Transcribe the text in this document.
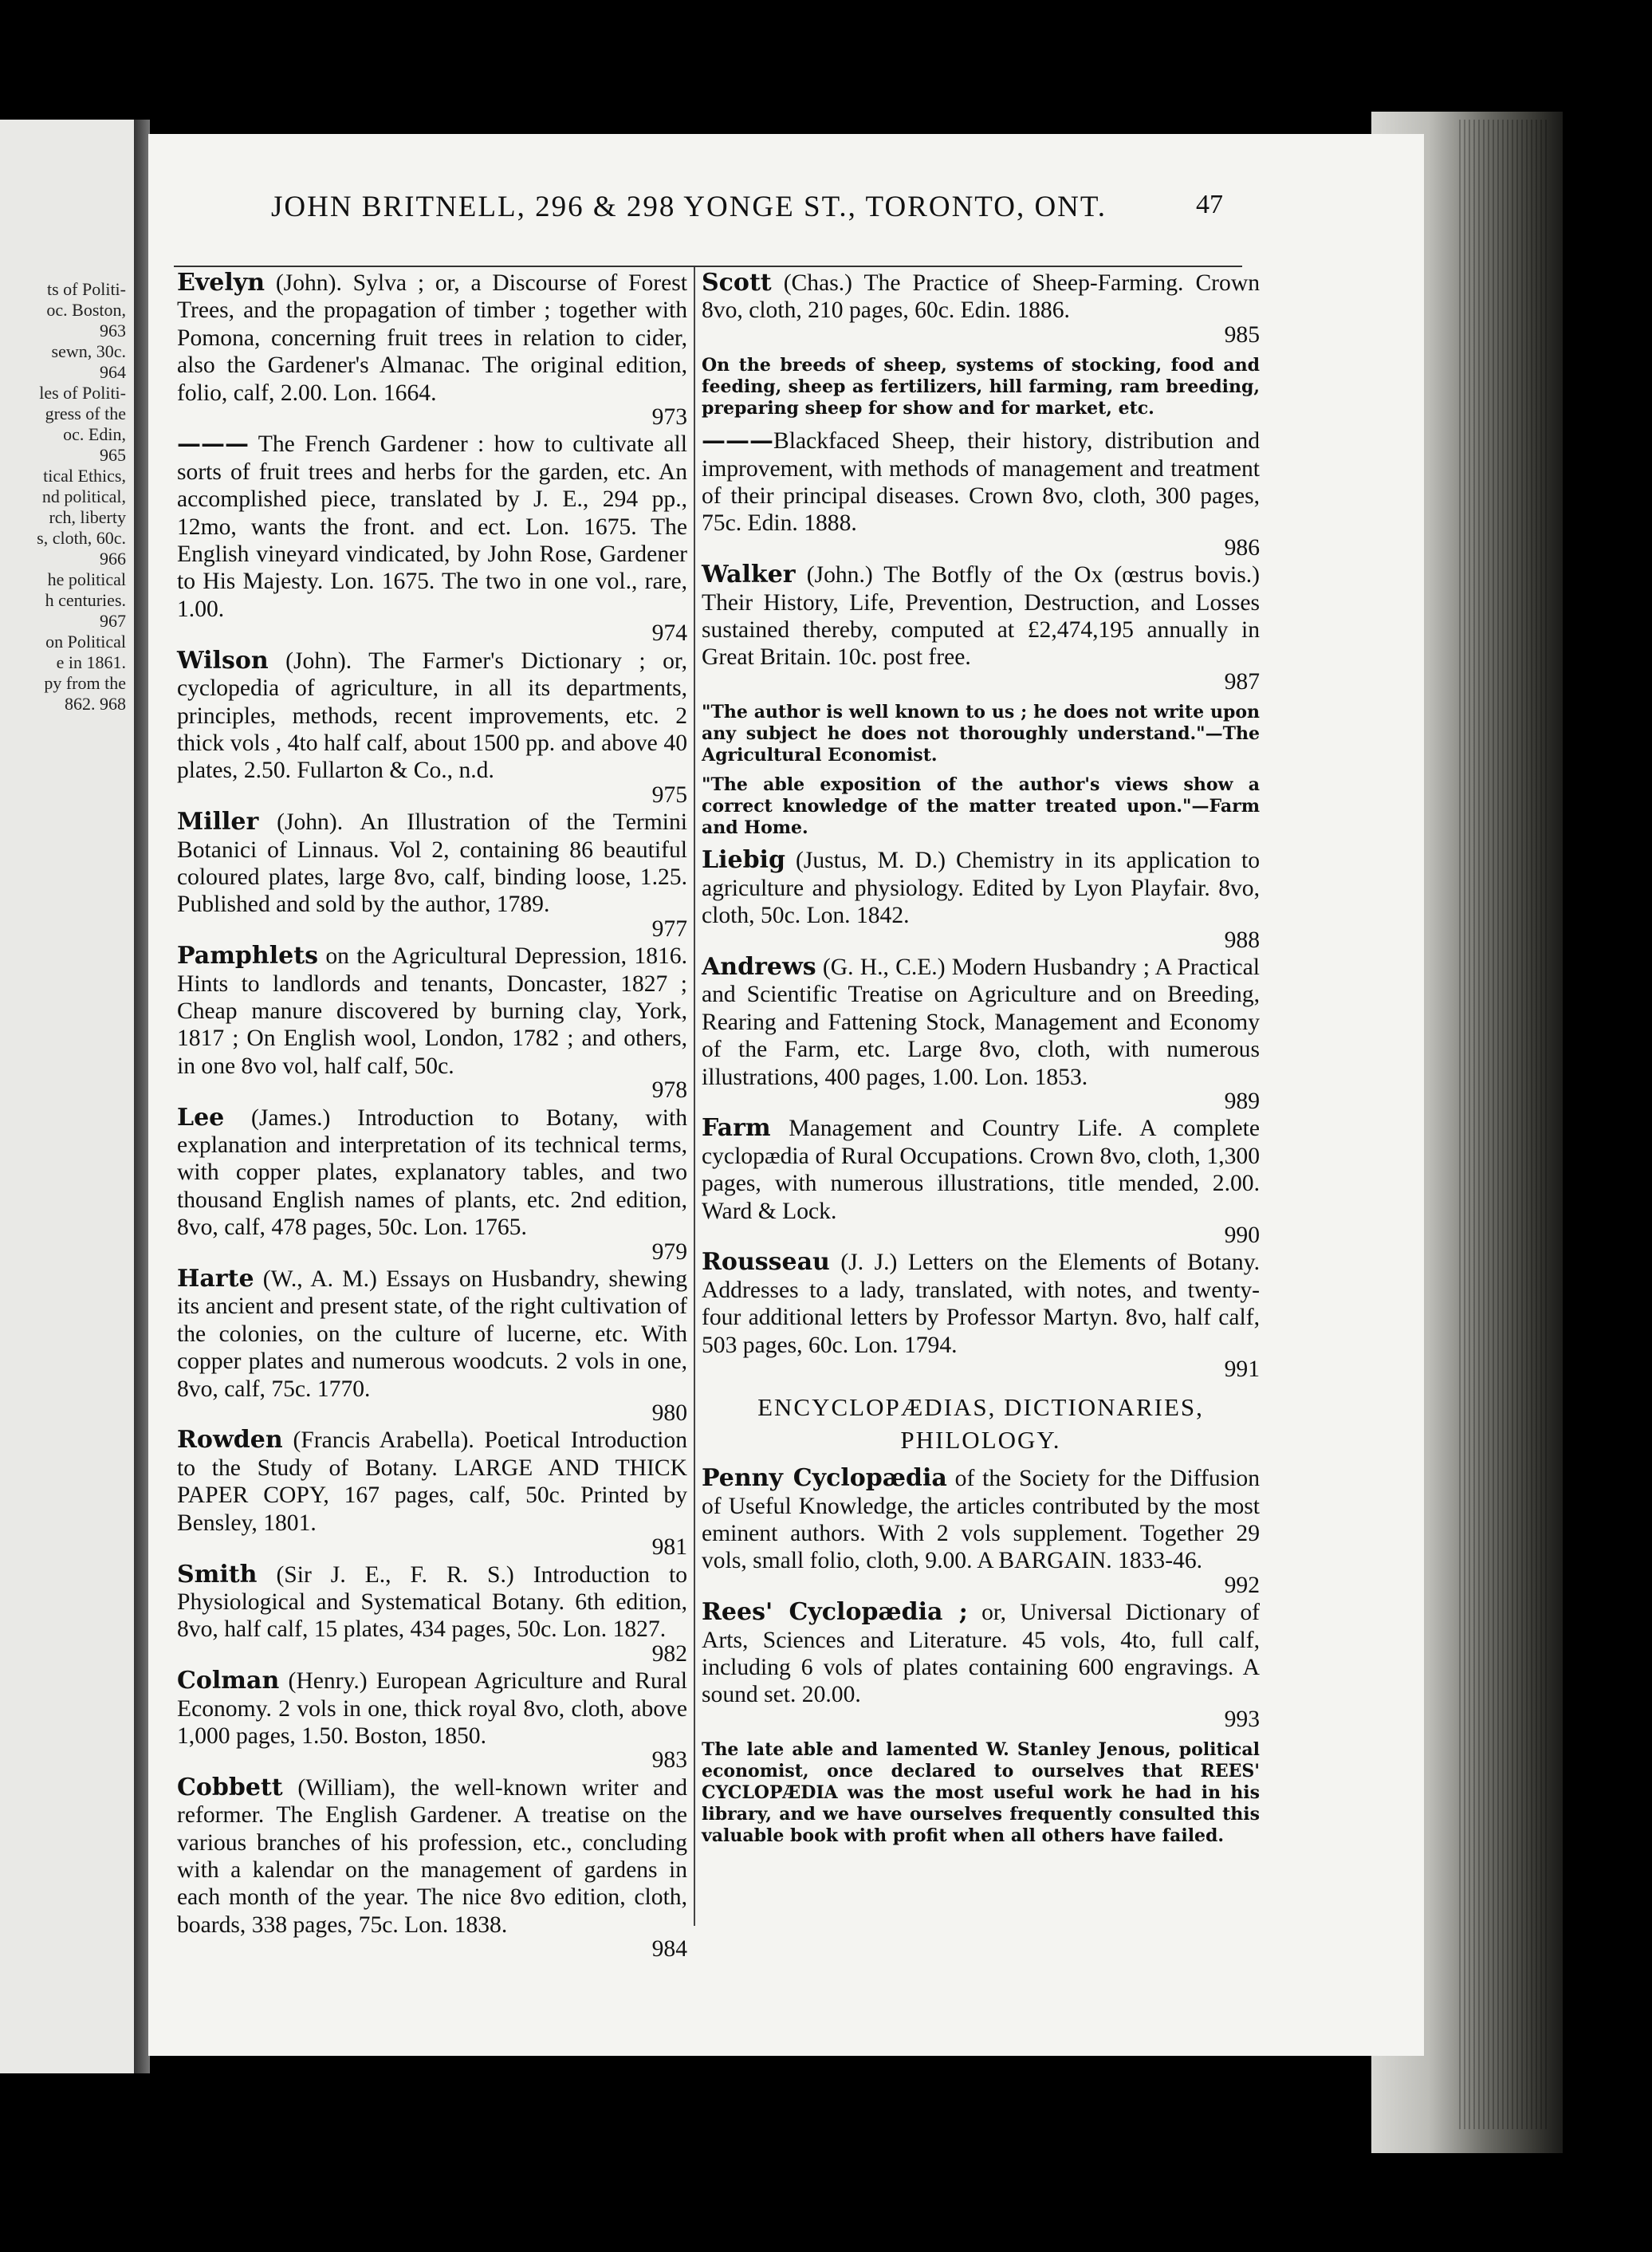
ts of Politi-
oc. Boston,
963
sewn, 30c.
964
les of Politi-
gress of the
oc. Edin,
965
tical Ethics,
nd political,
rch, liberty
s, cloth, 60c.
966
he political
h centuries.
967
on Political
e in 1861.
py from the
862. 968
JOHN BRITNELL, 296 & 298 YONGE ST., TORONTO, ONT.	47
Evelyn (John). Sylva ; or, a Discourse of Forest Trees, and the propagation of timber ; together with Pomona, concerning fruit trees in relation to cider, also the Gardener's Almanac. The original edition, folio, calf, 2.00. Lon. 1664.
973
——— The French Gardener : how to cultivate all sorts of fruit trees and herbs for the garden, etc. An accomplished piece, translated by J. E., 294 pp., 12mo, wants the front. and ect. Lon. 1675. The English vineyard vindicated, by John Rose, Gardener to His Majesty. Lon. 1675. The two in one vol., rare, 1.00.
974
Wilson (John). The Farmer's Dictionary ; or, cyclopedia of agriculture, in all its departments, principles, methods, recent improvements, etc. 2 thick vols , 4to half calf, about 1500 pp. and above 40 plates, 2.50. Fullarton & Co., n.d.
975
Miller (John). An Illustration of the Termini Botanici of Linnaus. Vol 2, containing 86 beautiful coloured plates, large 8vo, calf, binding loose, 1.25. Published and sold by the author, 1789.
977
Pamphlets on the Agricultural Depression, 1816. Hints to landlords and tenants, Doncaster, 1827 ; Cheap manure discovered by burning clay, York, 1817 ; On English wool, London, 1782 ; and others, in one 8vo vol, half calf, 50c.
978
Lee (James.) Introduction to Botany, with explanation and interpretation of its technical terms, with copper plates, explanatory tables, and two thousand English names of plants, etc. 2nd edition, 8vo, calf, 478 pages, 50c. Lon. 1765.
979
Harte (W., A. M.) Essays on Husbandry, shewing its ancient and present state, of the right cultivation of the colonies, on the culture of lucerne, etc. With copper plates and numerous woodcuts. 2 vols in one, 8vo, calf, 75c. 1770.
980
Rowden (Francis Arabella). Poetical Introduction to the Study of Botany. LARGE AND THICK PAPER COPY, 167 pages, calf, 50c. Printed by Bensley, 1801.
981
Smith (Sir J. E., F. R. S.) Introduction to Physiological and Systematical Botany. 6th edition, 8vo, half calf, 15 plates, 434 pages, 50c. Lon. 1827.
982
Colman (Henry.) European Agriculture and Rural Economy. 2 vols in one, thick royal 8vo, cloth, above 1,000 pages, 1.50. Boston, 1850.
983
Cobbett (William), the well-known writer and reformer. The English Gardener. A treatise on the various branches of his profession, etc., concluding with a kalendar on the management of gardens in each month of the year. The nice 8vo edition, cloth, boards, 338 pages, 75c. Lon. 1838.
984
Scott (Chas.) The Practice of Sheep-Farming. Crown 8vo, cloth, 210 pages, 60c. Edin. 1886.
985
On the breeds of sheep, systems of stocking, food and feeding, sheep as fertilizers, hill farming, ram breeding, preparing sheep for show and for market, etc.
———Blackfaced Sheep, their history, distribution and improvement, with methods of management and treatment of their principal diseases. Crown 8vo, cloth, 300 pages, 75c. Edin. 1888.
986
Walker (John.) The Botfly of the Ox (œstrus bovis.) Their History, Life, Prevention, Destruction, and Losses sustained thereby, computed at £2,474,195 annually in Great Britain. 10c. post free.
987
"The author is well known to us ; he does not write upon any subject he does not thoroughly understand."—The Agricultural Economist.
"The able exposition of the author's views show a correct knowledge of the matter treated upon."—Farm and Home.
Liebig (Justus, M. D.) Chemistry in its application to agriculture and physiology. Edited by Lyon Playfair. 8vo, cloth, 50c. Lon. 1842.
988
Andrews (G. H., C.E.) Modern Husbandry ; A Practical and Scientific Treatise on Agriculture and on Breeding, Rearing and Fattening Stock, Management and Economy of the Farm, etc. Large 8vo, cloth, with numerous illustrations, 400 pages, 1.00. Lon. 1853.
989
Farm Management and Country Life. A complete cyclopædia of Rural Occupations. Crown 8vo, cloth, 1,300 pages, with numerous illustrations, title mended, 2.00. Ward & Lock.
990
Rousseau (J. J.) Letters on the Elements of Botany. Addresses to a lady, translated, with notes, and twenty-four additional letters by Professor Martyn. 8vo, half calf, 503 pages, 60c. Lon. 1794.
991
ENCYCLOPÆDIAS, DICTIONARIES,
PHILOLOGY.
Penny Cyclopædia of the Society for the Diffusion of Useful Knowledge, the articles contributed by the most eminent authors. With 2 vols supplement. Together 29 vols, small folio, cloth, 9.00. A BARGAIN. 1833-46.
992
Rees' Cyclopædia ; or, Universal Dictionary of Arts, Sciences and Literature. 45 vols, 4to, full calf, including 6 vols of plates containing 600 engravings. A sound set. 20.00.
993
The late able and lamented W. Stanley Jenous, political economist, once declared to ourselves that REES' CYCLOPÆDIA was the most useful work he had in his library, and we have ourselves frequently consulted this valuable book with profit when all others have failed.
